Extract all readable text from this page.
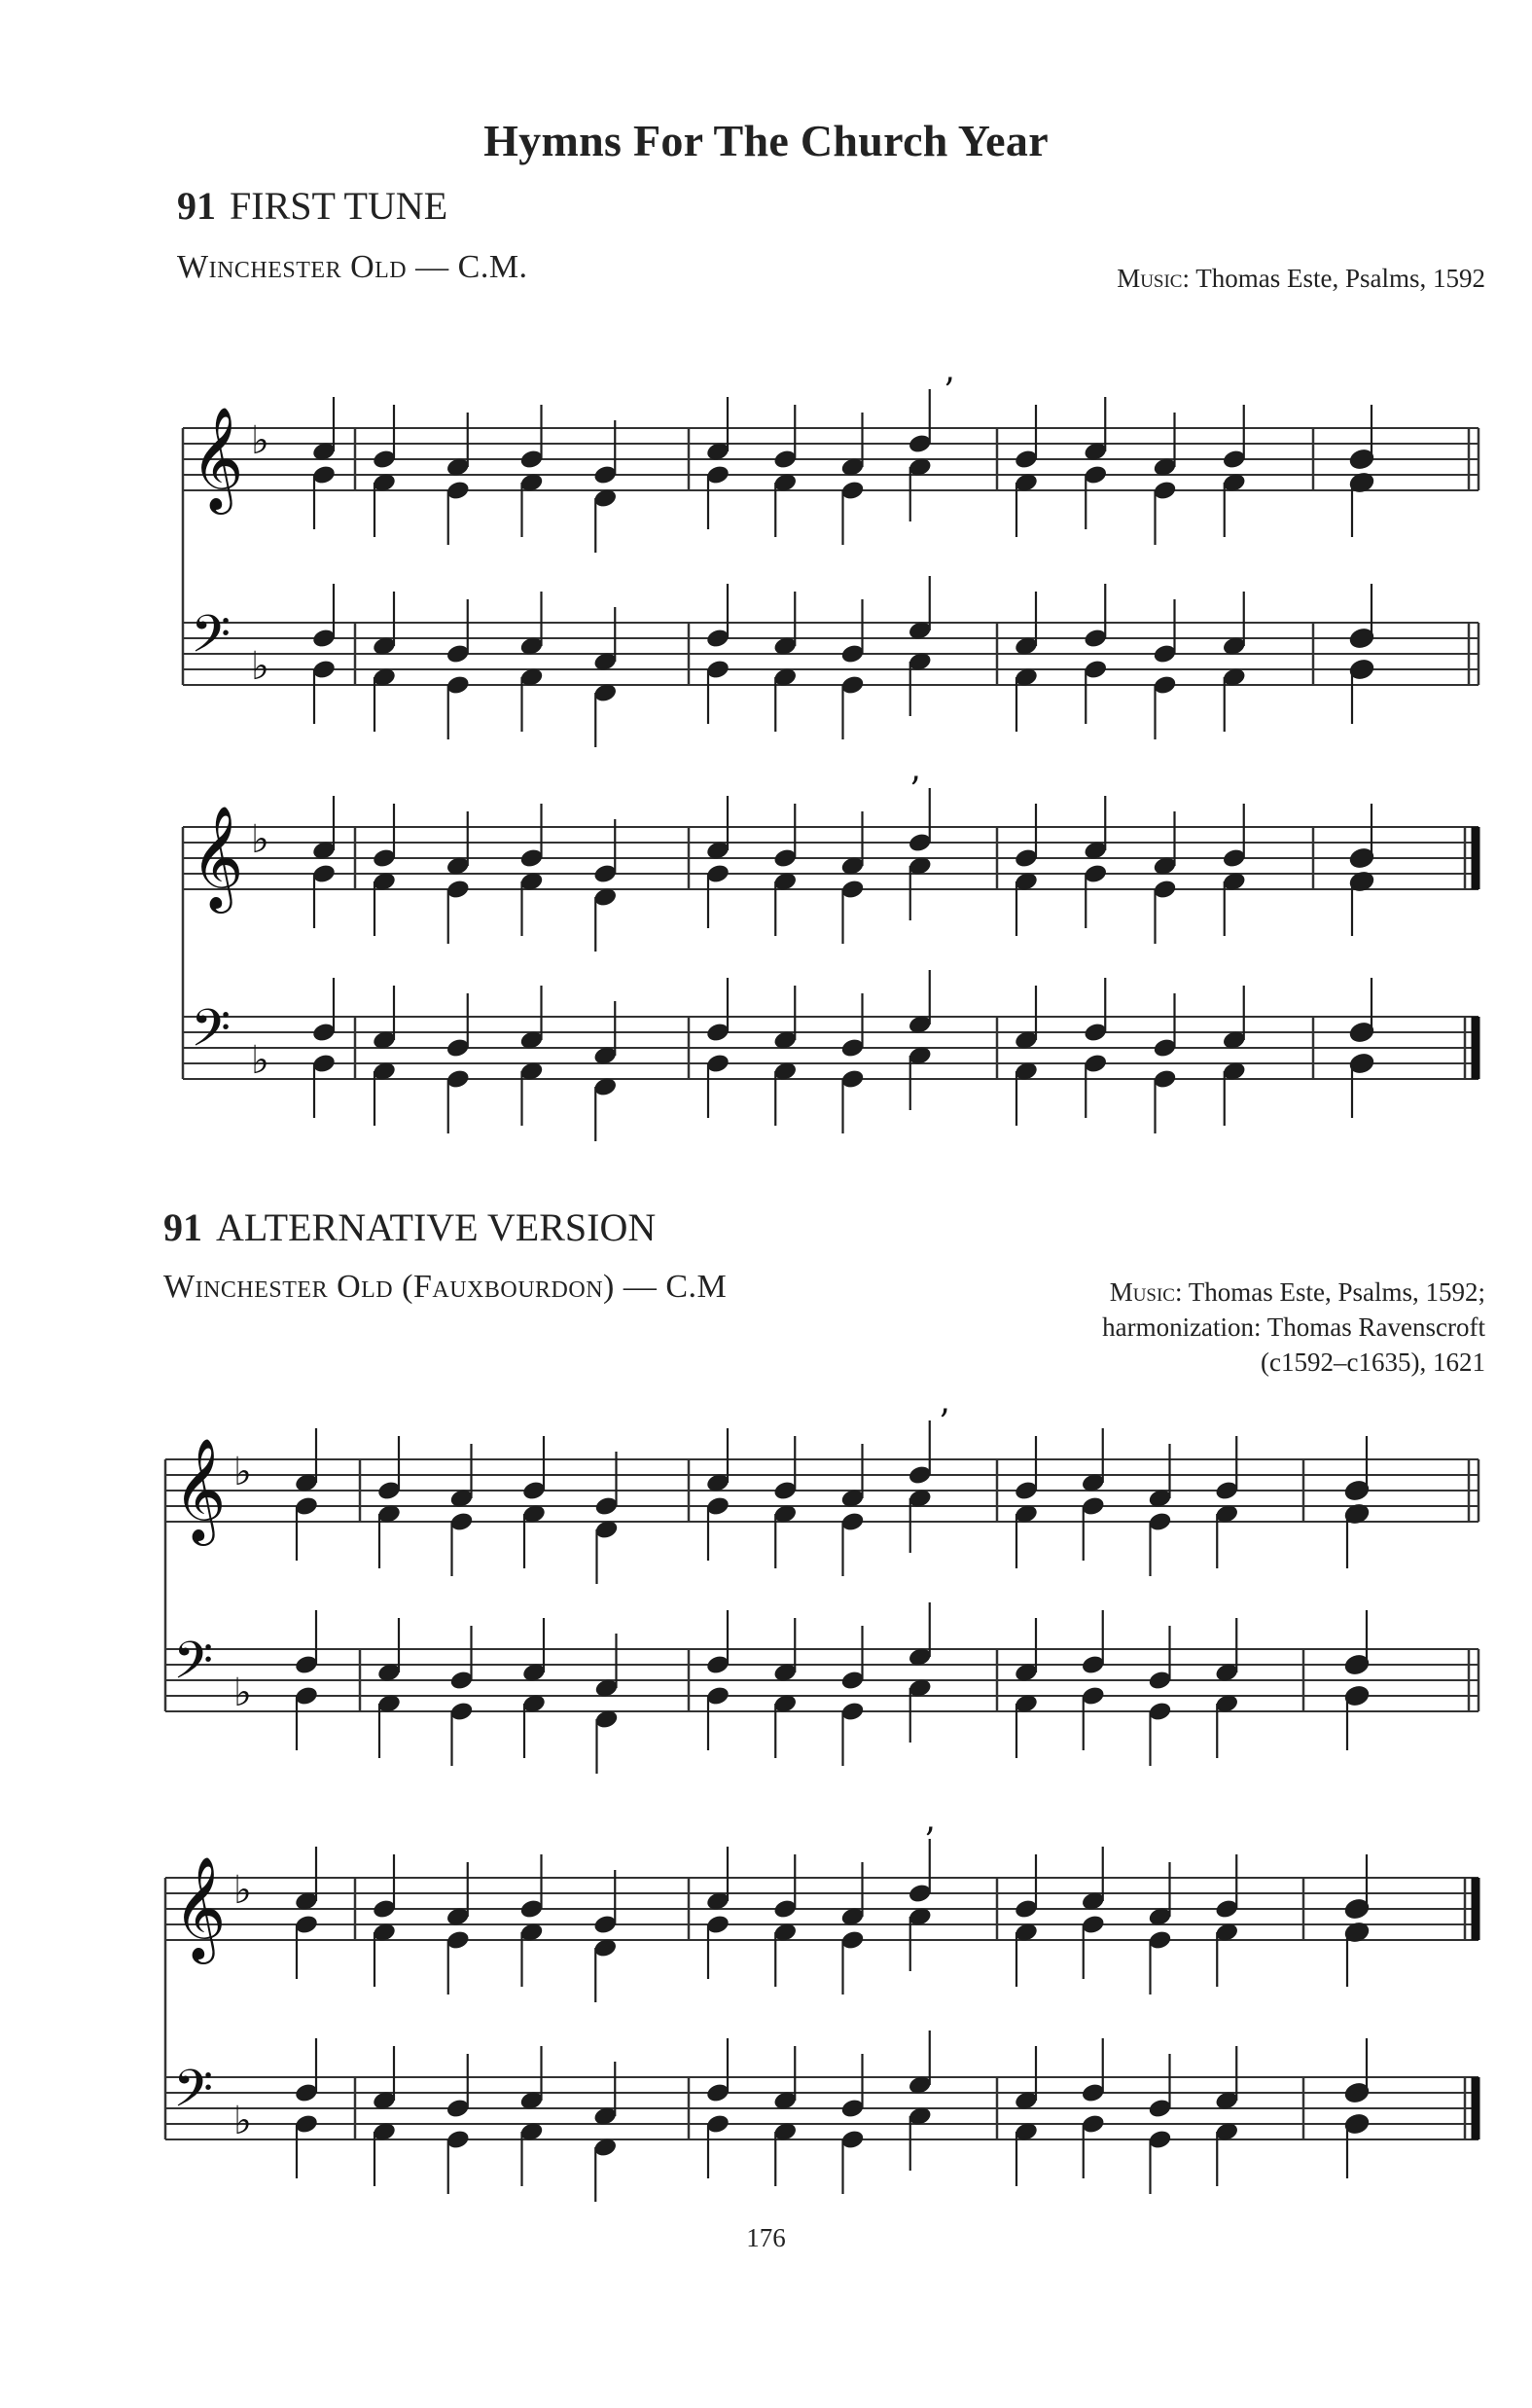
Hymns For The Church Year
91 FIRST TUNE
Winchester Old — C.M.	Music: Thomas Este, Psalms, 1592
91 ALTERNATIVE VERSION
Winchester Old (Fauxbourdon) — C.M	Music: Thomas Este, Psalms, 1592;
harmonization: Thomas Ravenscroft
(c1592–c1635), 1621
𝄞 ♭
𝄢 ♭
’
𝄞 ♭
𝄢 ♭
’
𝄞 ♭
𝄢 ♭
’
𝄞 ♭
𝄢 ♭
’
176
